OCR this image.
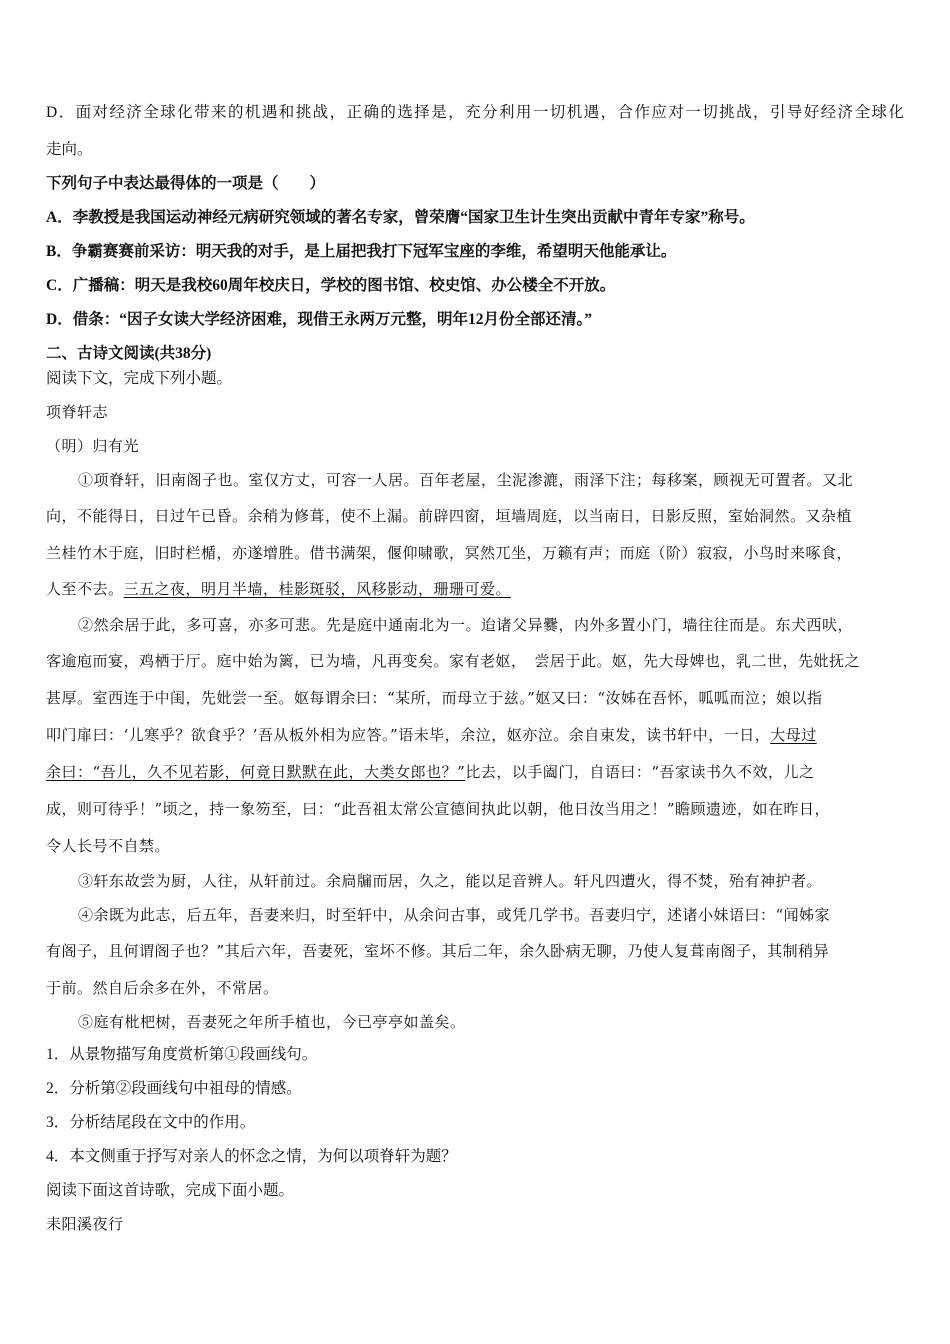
D．面对经济全球化带来的机遇和挑战，正确的选择是，充分利用一切机遇，合作应对一切挑战，引导好经济全球化
走向。
下列句子中表达最得体的一项是（　　）
A．李教授是我国运动神经元病研究领域的著名专家，曾荣膺“国家卫生计生突出贡献中青年专家”称号。
B．争霸赛赛前采访：明天我的对手，是上届把我打下冠军宝座的李维，希望明天他能承让。
C．广播稿：明天是我校60周年校庆日，学校的图书馆、校史馆、办公楼全不开放。
D．借条：“因子女读大学经济困难，现借王永两万元整，明年12月份全部还清。”
二、古诗文阅读(共38分)
阅读下文，完成下列小题。
项脊轩志
（明）归有光
①项脊轩，旧南阁子也。室仅方丈，可容一人居。百年老屋，尘泥渗漉，雨泽下注；每移案，顾视无可置者。又北
向，不能得日，日过午已昏。余稍为修葺，使不上漏。前辟四窗，垣墙周庭，以当南日，日影反照，室始洞然。又杂植
兰桂竹木于庭，旧时栏楯，亦遂增胜。借书满架，偃仰啸歌，冥然兀坐，万籁有声；而庭（阶）寂寂，小鸟时来啄食，
人至不去。三五之夜，明月半墙，桂影斑驳，风移影动，珊珊可爱。
②然余居于此，多可喜，亦多可悲。先是庭中通南北为一。迨诸父异爨，内外多置小门，墙往往而是。东犬西吠，
客逾庖而宴，鸡栖于厅。庭中始为篱，已为墙，凡再变矣。家有老妪，　尝居于此。妪，先大母婢也，乳二世，先妣抚之
甚厚。室西连于中闺，先妣尝一至。妪每谓余曰：“某所，而母立于兹。”妪又曰：“汝姊在吾怀，呱呱而泣；娘以指
叩门扉曰：‘儿寒乎？欲食乎？’吾从板外相为应答。”语未毕，余泣，妪亦泣。余自束发，读书轩中，一日，大母过
余曰：“吾儿，久不见若影，何竟日默默在此，大类女郎也？”比去，以手阖门，自语曰：“吾家读书久不效，儿之
成，则可待乎！”顷之，持一象笏至，曰：“此吾祖太常公宣德间执此以朝，他日汝当用之！”瞻顾遗迹，如在昨日，
令人长号不自禁。
③轩东故尝为厨，人往，从轩前过。余扃牖而居，久之，能以足音辨人。轩凡四遭火，得不焚，殆有神护者。
④余既为此志，后五年，吾妻来归，时至轩中，从余问古事，或凭几学书。吾妻归宁，述诸小妹语曰：“闻姊家
有阁子，且何谓阁子也？”其后六年，吾妻死，室坏不修。其后二年，余久卧病无聊，乃使人复葺南阁子，其制稍异
于前。然自后余多在外，不常居。
⑤庭有枇杷树，吾妻死之年所手植也，今已亭亭如盖矣。
1．从景物描写角度赏析第①段画线句。
2．分析第②段画线句中祖母的情感。
3．分析结尾段在文中的作用。
4．本文侧重于抒写对亲人的怀念之情，为何以项脊轩为题？
阅读下面这首诗歌，完成下面小题。
耒阳溪夜行
